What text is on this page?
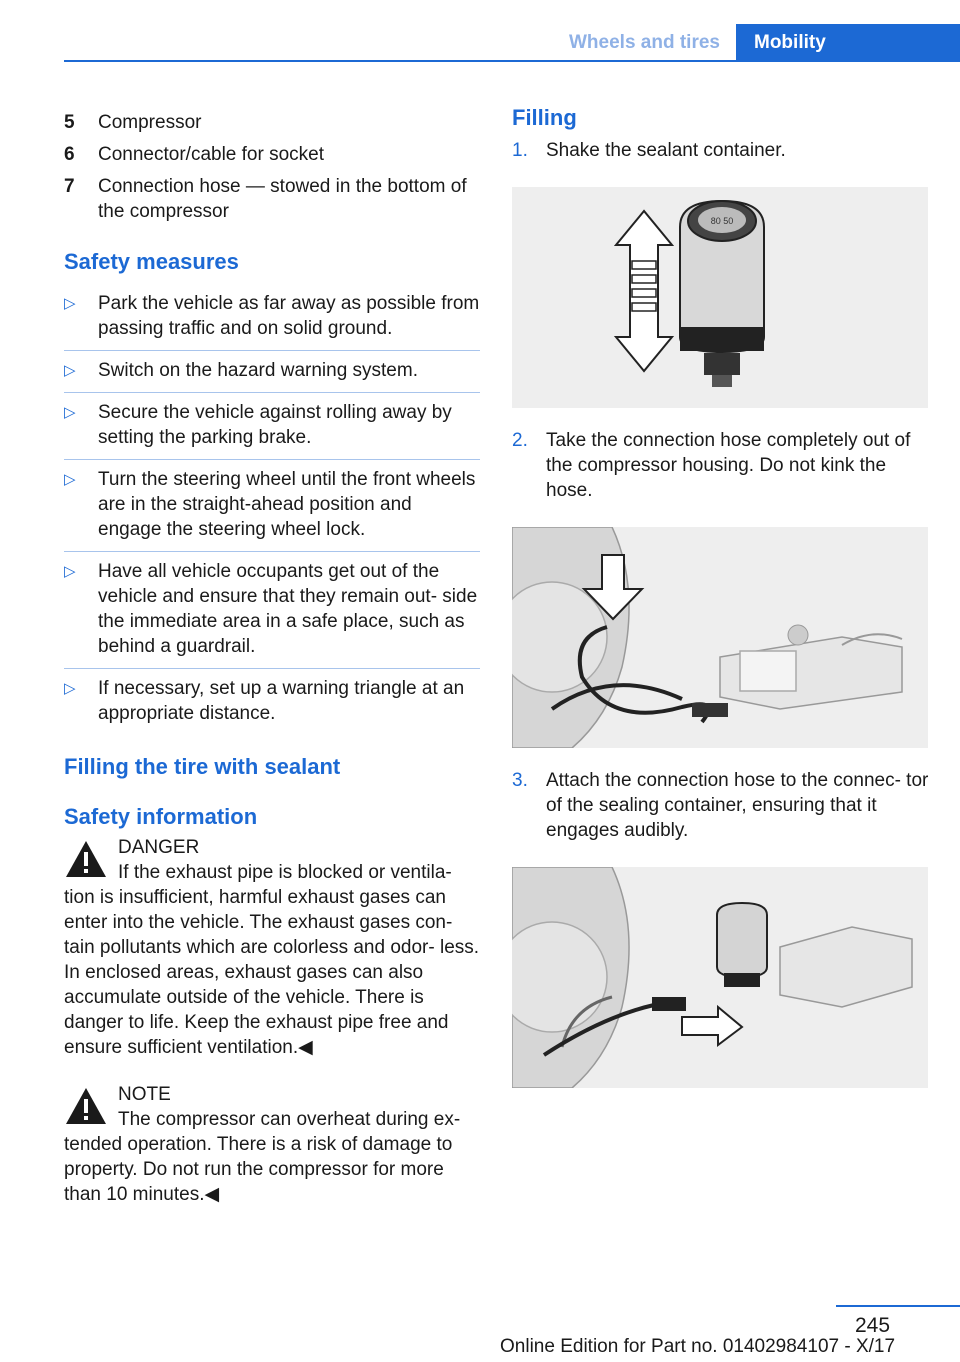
Wheels and tires	Mobility
5	Compressor
6	Connector/cable for socket
7	Connection hose — stowed in the bottom of the compressor
Safety measures
▷	Park the vehicle as far away as possible from passing traffic and on solid ground.
▷	Switch on the hazard warning system.
▷	Secure the vehicle against rolling away by setting the parking brake.
▷	Turn the steering wheel until the front wheels are in the straight-ahead position and engage the steering wheel lock.
▷	Have all vehicle occupants get out of the vehicle and ensure that they remain out- side the immediate area in a safe place, such as behind a guardrail.
▷	If necessary, set up a warning triangle at an appropriate distance.
Filling the tire with sealant
Safety information
DANGER
If the exhaust pipe is blocked or ventila- tion is insufficient, harmful exhaust gases can enter into the vehicle. The exhaust gases con- tain pollutants which are colorless and odor- less. In enclosed areas, exhaust gases can also accumulate outside of the vehicle. There is danger to life. Keep the exhaust pipe free and ensure sufficient ventilation.◀
NOTE
The compressor can overheat during ex- tended operation. There is a risk of damage to property. Do not run the compressor for more than 10 minutes.◀
Filling
1. Shake the sealant container.
80 50
2. Take the connection hose completely out of the compressor housing. Do not kink the hose.
3. Attach the connection hose to the connec- tor of the sealing container, ensuring that it engages audibly.
245
Online Edition for Part no. 01402984107 - X/17
